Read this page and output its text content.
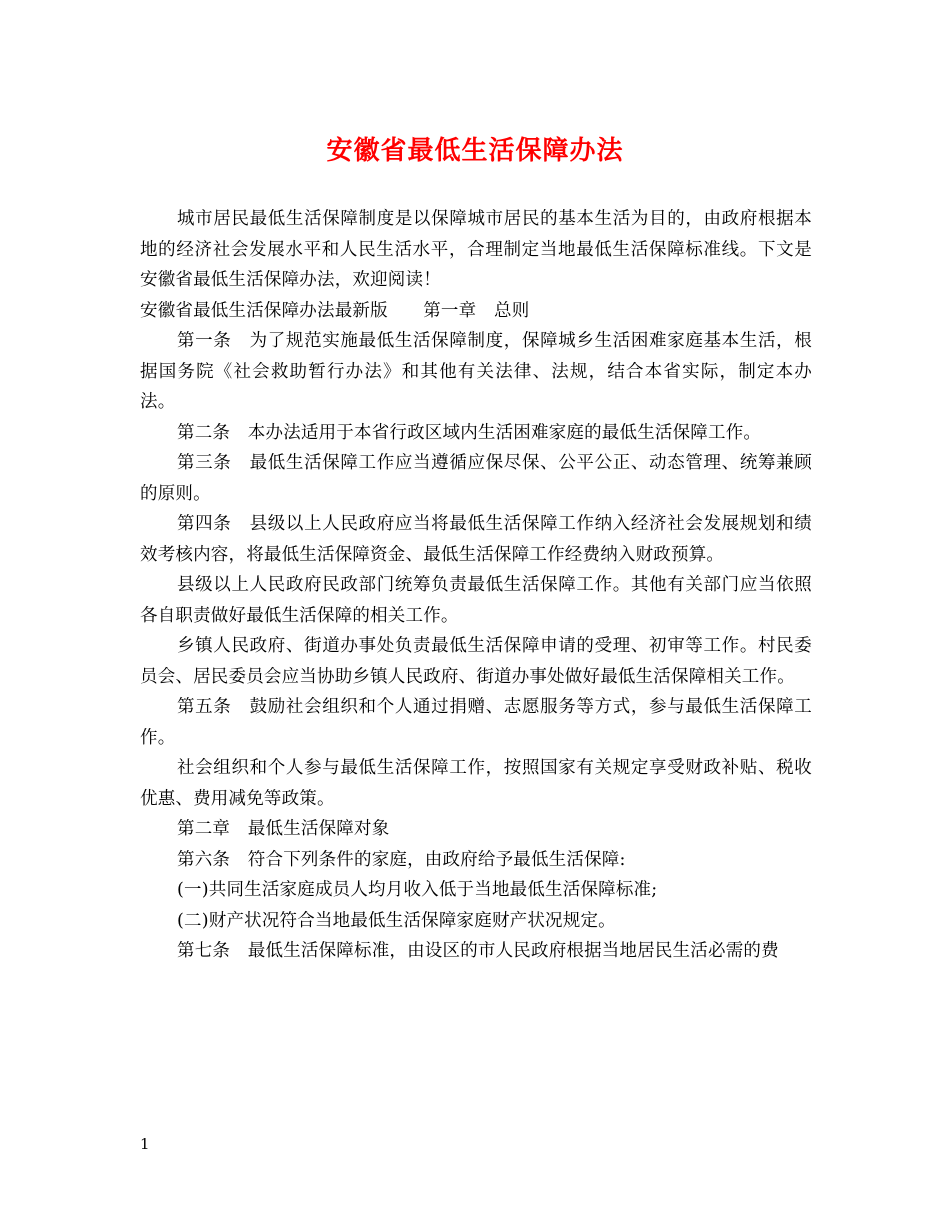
安徽省最低生活保障办法

城市居民最低生活保障制度是以保障城市居民的基本生活为目的，由政府根据本地的经济社会发展水平和人民生活水平，合理制定当地最低生活保障标准线。下文是安徽省最低生活保障办法，欢迎阅读！

安徽省最低生活保障办法最新版　　第一章　总则

第一条　为了规范实施最低生活保障制度，保障城乡生活困难家庭基本生活，根据国务院《社会救助暂行办法》和其他有关法律、法规，结合本省实际，制定本办法。

第二条　本办法适用于本省行政区域内生活困难家庭的最低生活保障工作。

第三条　最低生活保障工作应当遵循应保尽保、公平公正、动态管理、统筹兼顾的原则。

第四条　县级以上人民政府应当将最低生活保障工作纳入经济社会发展规划和绩效考核内容，将最低生活保障资金、最低生活保障工作经费纳入财政预算。

县级以上人民政府民政部门统筹负责最低生活保障工作。其他有关部门应当依照各自职责做好最低生活保障的相关工作。

乡镇人民政府、街道办事处负责最低生活保障申请的受理、初审等工作。村民委员会、居民委员会应当协助乡镇人民政府、街道办事处做好最低生活保障相关工作。

第五条　鼓励社会组织和个人通过捐赠、志愿服务等方式，参与最低生活保障工作。

社会组织和个人参与最低生活保障工作，按照国家有关规定享受财政补贴、税收优惠、费用减免等政策。

第二章　最低生活保障对象

第六条　符合下列条件的家庭，由政府给予最低生活保障:

(一)共同生活家庭成员人均月收入低于当地最低生活保障标准;

(二)财产状况符合当地最低生活保障家庭财产状况规定。

第七条　最低生活保障标准，由设区的市人民政府根据当地居民生活必需的费

1
